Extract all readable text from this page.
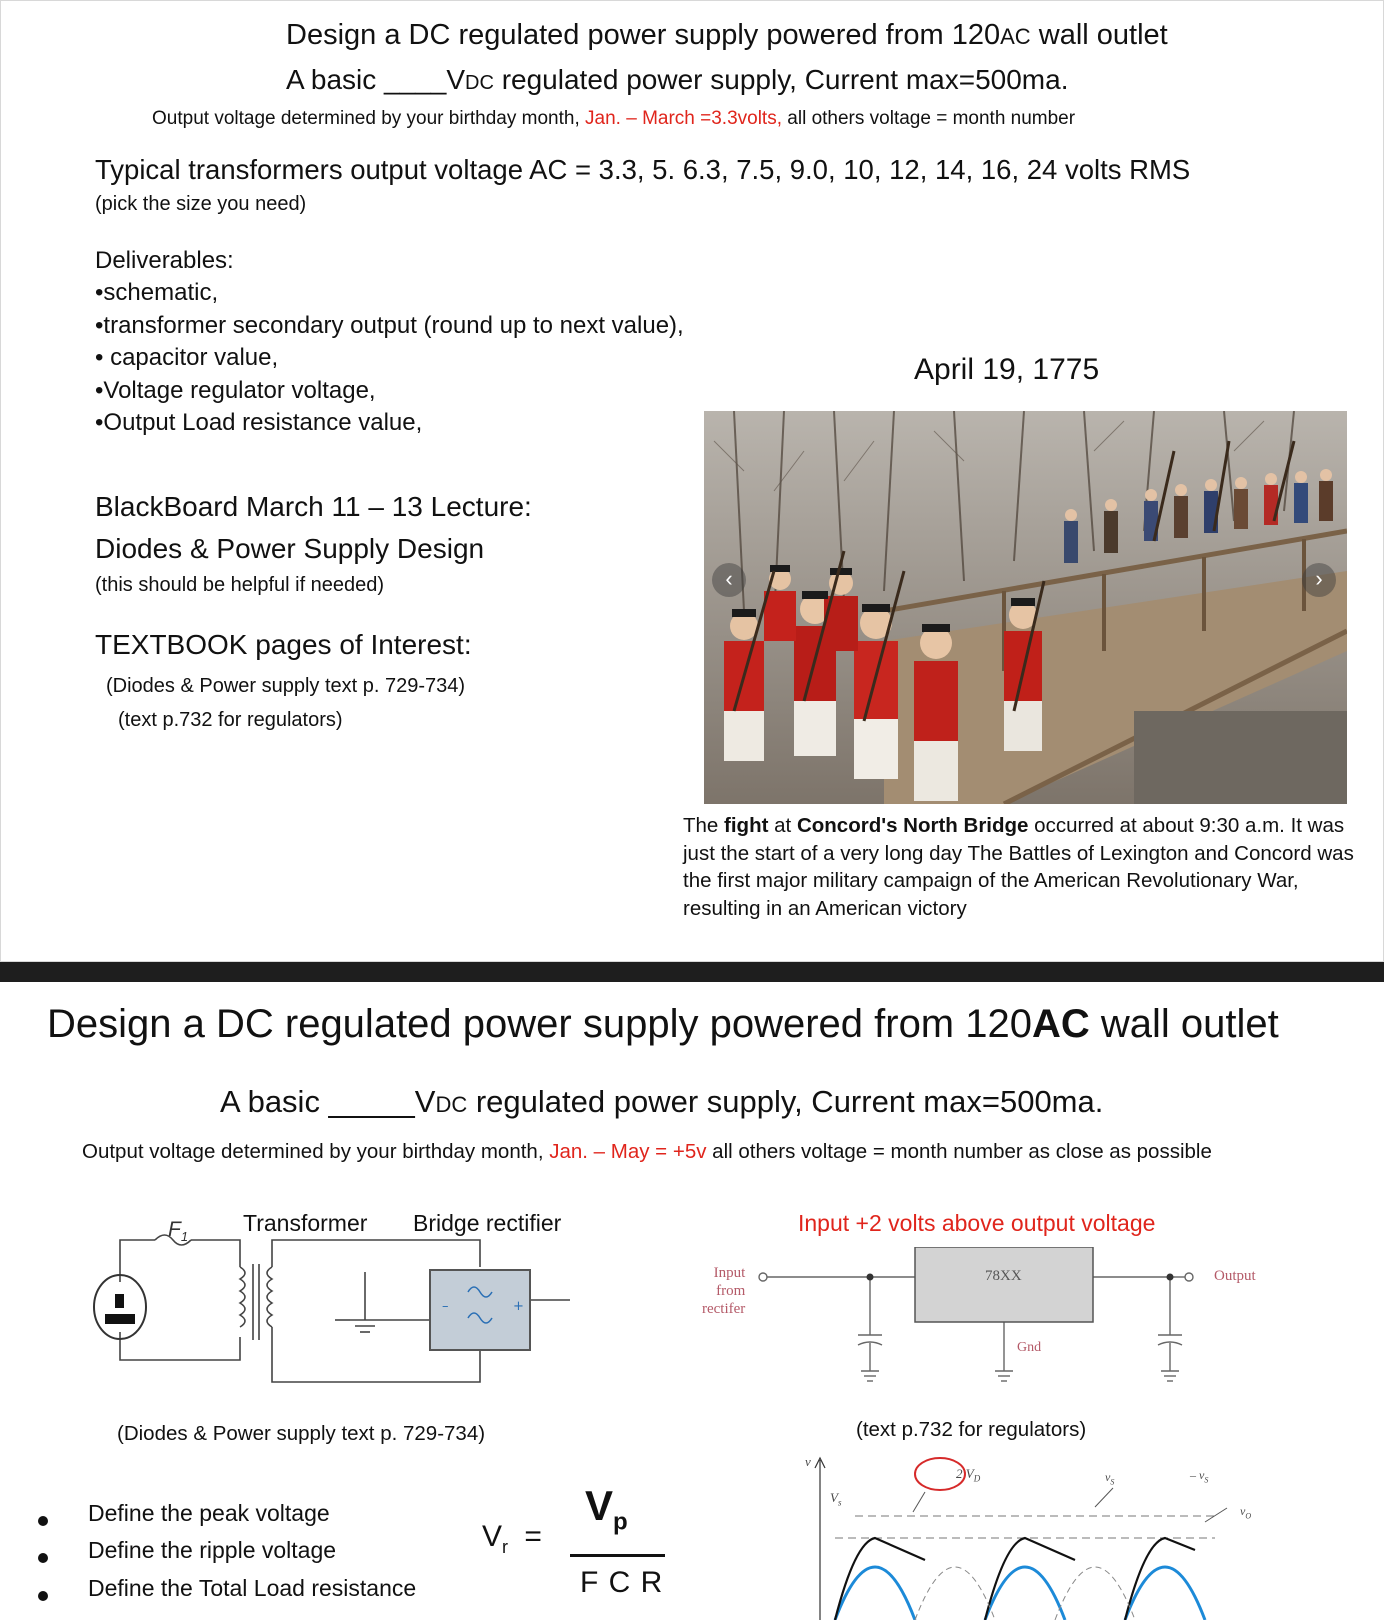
Design a DC regulated power supply powered from 120AC wall outlet
A basic ____VDC regulated power supply, Current max=500ma.
Output voltage determined by your birthday month, Jan. – March =3.3volts, all others voltage = month number
Typical transformers output voltage AC = 3.3, 5. 6.3, 7.5, 9.0, 10, 12, 14, 16, 24 volts RMS
(pick the size you need)
Deliverables:
•schematic,
•transformer secondary output (round up to next value),
• capacitor value,
•Voltage regulator voltage,
•Output Load resistance value,
BlackBoard March 11 – 13 Lecture:
Diodes & Power Supply Design
(this should be helpful if needed)
TEXTBOOK pages of Interest:
(Diodes & Power supply text p. 729-734)
(text p.732 for regulators)
April 19, 1775
‹	›
The fight at Concord's North Bridge occurred at about 9:30 a.m. It was just the start of a very long day The Battles of Lexington and Concord was the first major military campaign of the American Revolutionary War, resulting in an American victory
Design a DC regulated power supply powered from 120AC wall outlet
A basic _____VDC regulated power supply, Current max=500ma.
Output voltage determined by your birthday month, Jan. – May = +5v all others voltage = month number as close as possible
$F_1$
Transformer Bridge rectifier
–	+
(Diodes & Power supply text p. 729-734)
Input +2 volts above output voltage
Input
from
rectifer
78XX
Gnd
Output
(text p.732 for regulators)
Define the peak voltage
Define the ripple voltage
Define the Total Load resistance
$V_r$ =
$V_p$
F C R
v
$V_s$
2 $V_D$	$v_S$	– $v_S$
$v_O$
